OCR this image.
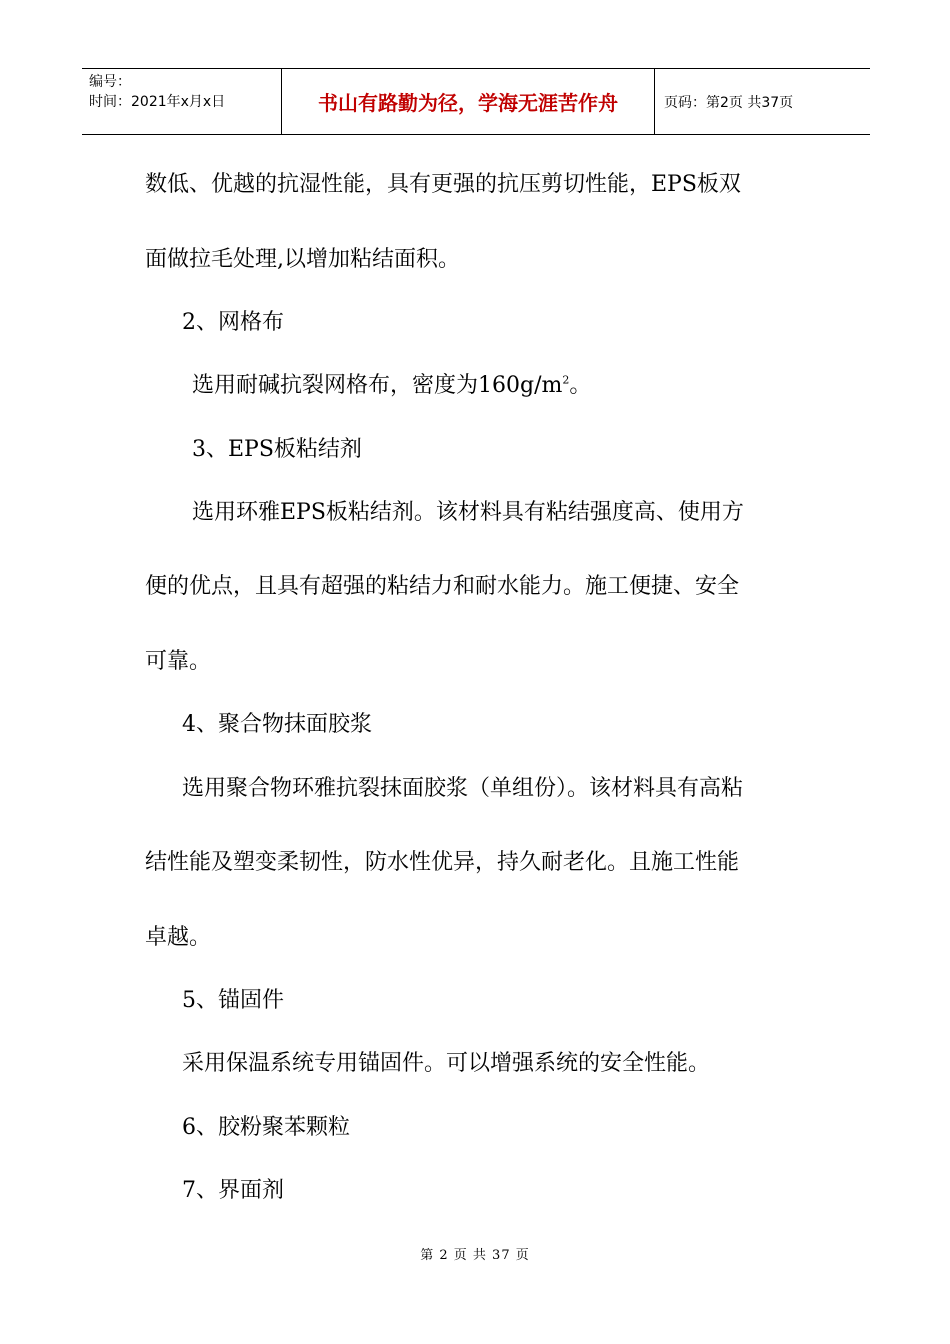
编号：
时间：2021年x月x日	书山有路勤为径，学海无涯苦作舟	页码：第2页 共37页
数低、优越的抗湿性能，具有更强的抗压剪切性能，EPS板双
面做拉毛处理,以增加粘结面积。
2、网格布
选用耐碱抗裂网格布，密度为$160g/m^2$。
3、EPS板粘结剂
选用环雅EPS板粘结剂。该材料具有粘结强度高、使用方
便的优点，且具有超强的粘结力和耐水能力。施工便捷、安全
可靠。
4、聚合物抹面胶浆
选用聚合物环雅抗裂抹面胶浆（单组份）。该材料具有高粘
结性能及塑变柔韧性，防水性优异，持久耐老化。且施工性能
卓越。
5、锚固件
采用保温系统专用锚固件。可以增强系统的安全性能。
6、胶粉聚苯颗粒
7、界面剂
第 2 页 共 37 页
